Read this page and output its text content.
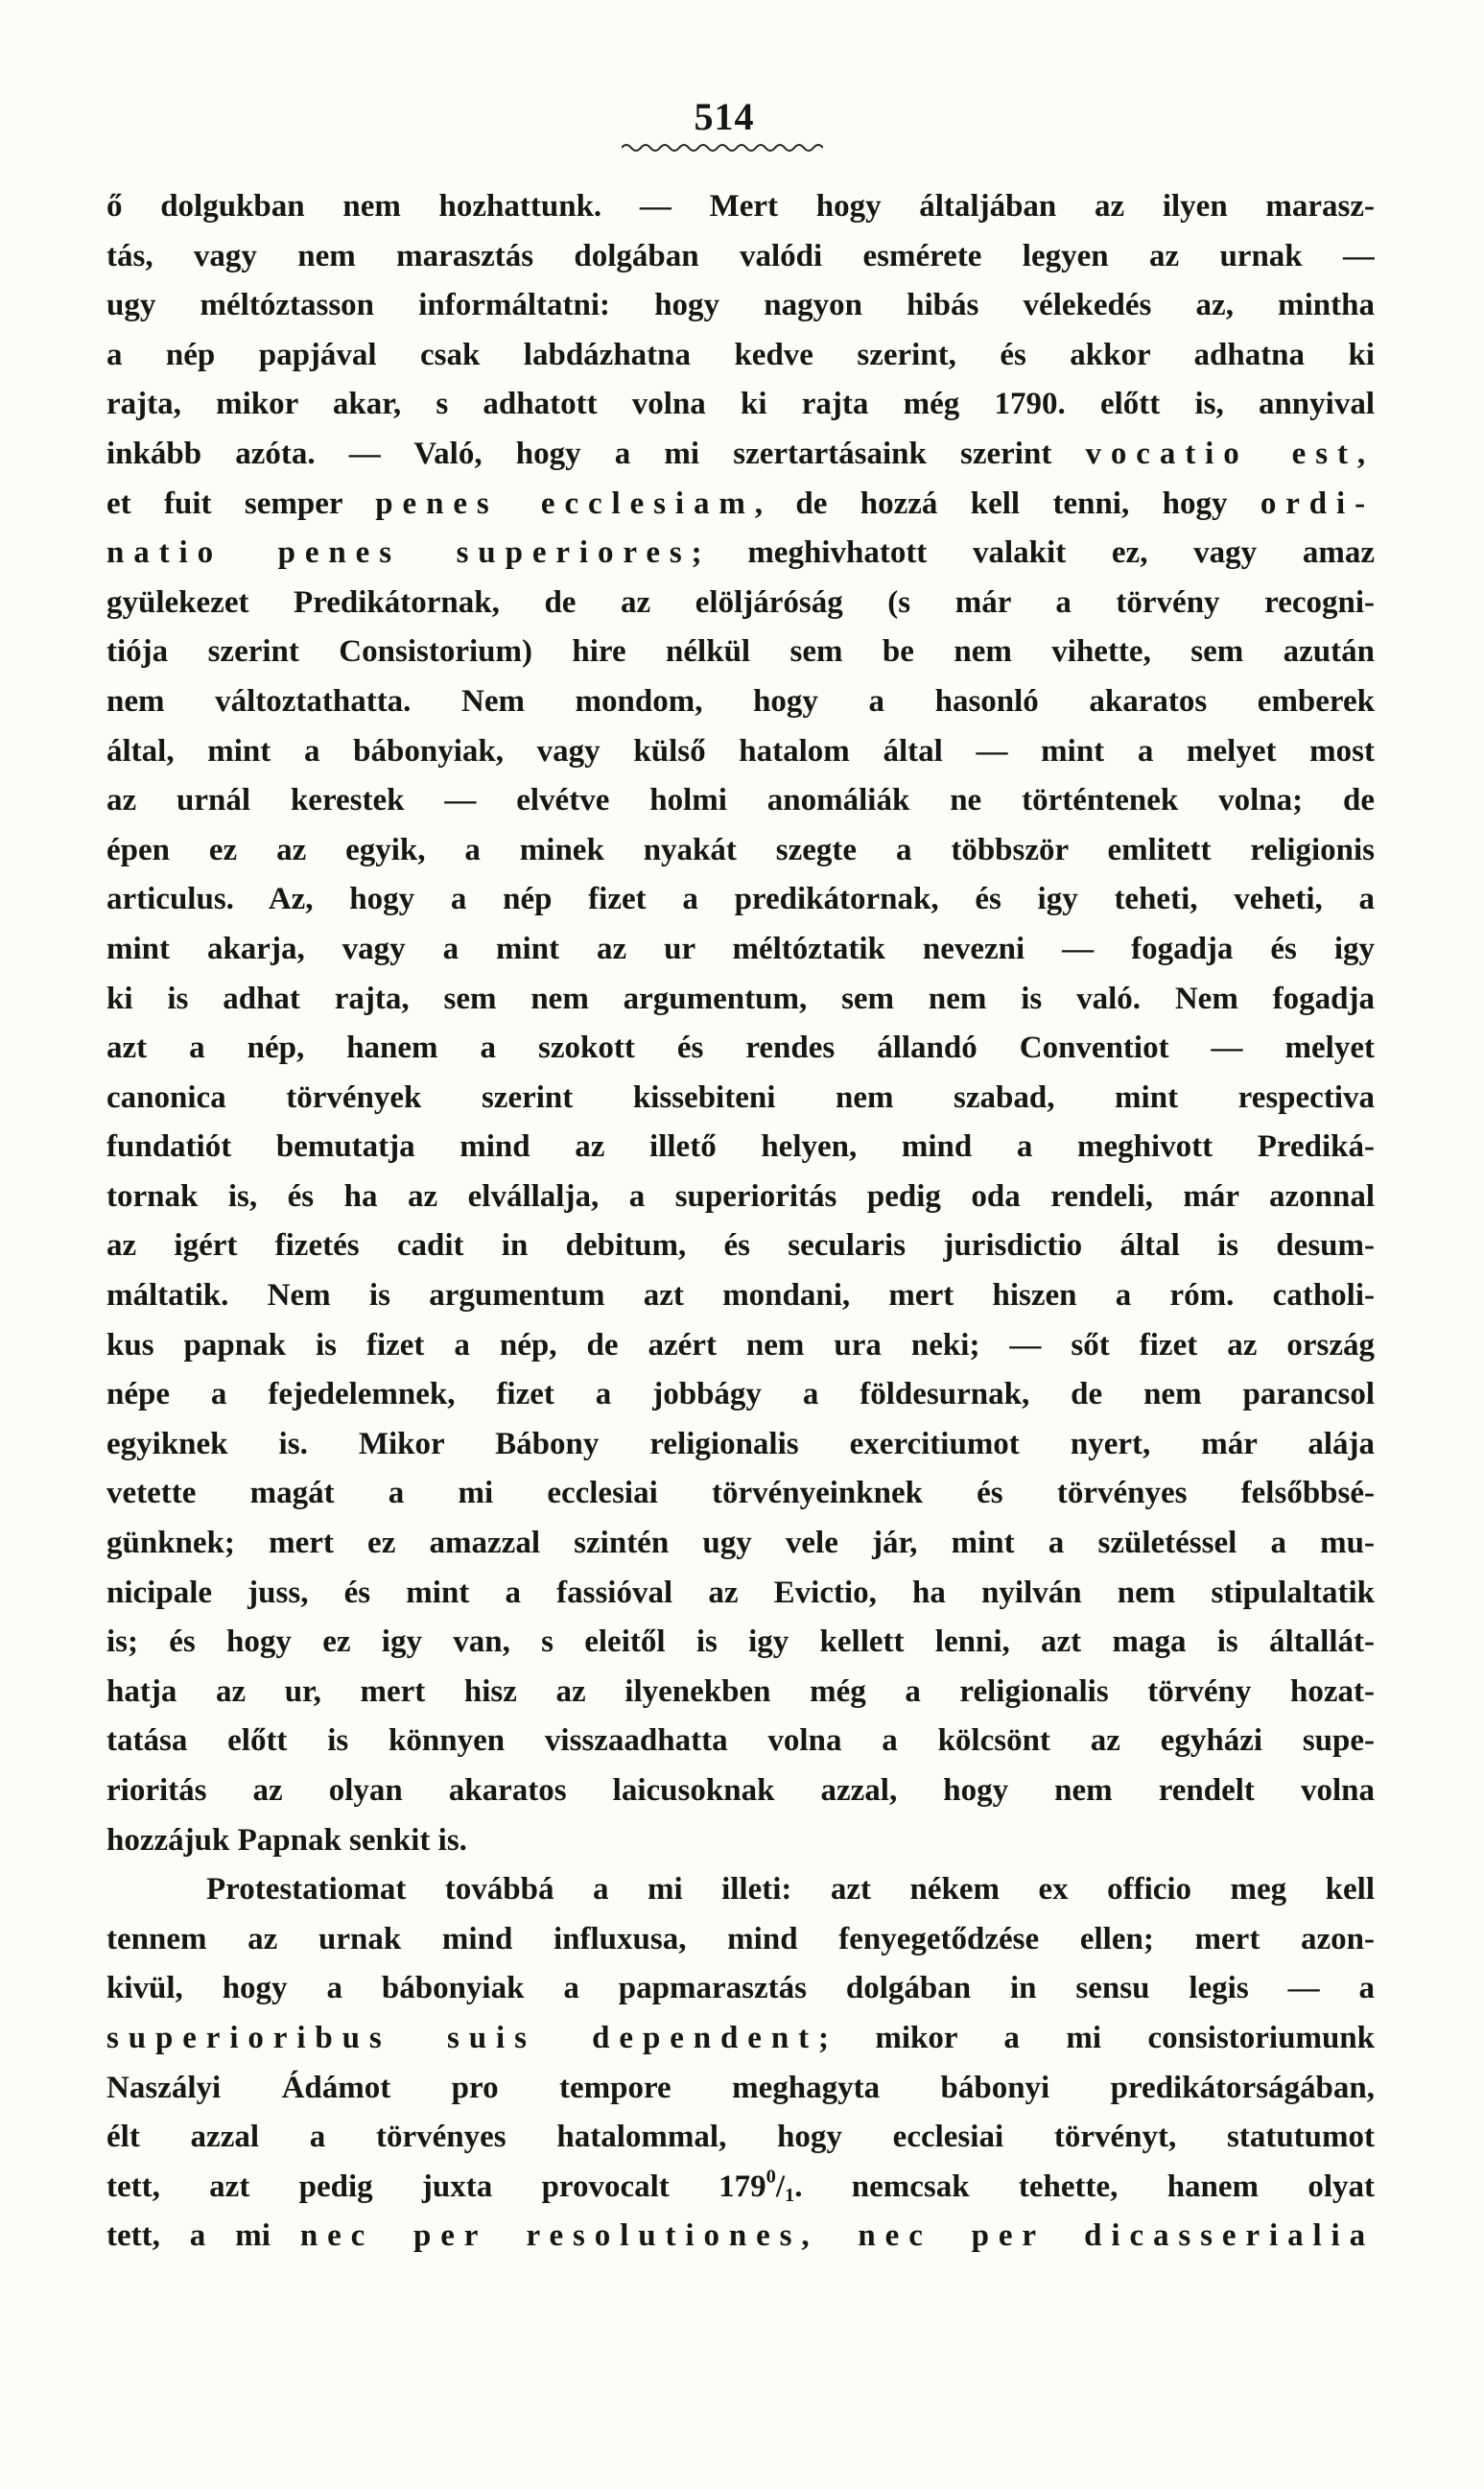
514
ő dolgukban nem hozhattunk. — Mert hogy általjában az ilyen marasz-
tás, vagy nem marasztás dolgában valódi esmérete legyen az urnak —
ugy méltóztasson informáltatni: hogy nagyon hibás vélekedés az, mintha
a nép papjával csak labdázhatna kedve szerint, és akkor adhatna ki
rajta, mikor akar, s adhatott volna ki rajta még 1790. előtt is, annyival
inkább azóta. — Való, hogy a mi szertartásaink szerint vocatio est,
et fuit semper penes ecclesiam, de hozzá kell tenni, hogy ordi-
natio penes superiores; meghivhatott valakit ez, vagy amaz
gyülekezet Predikátornak, de az elöljáróság (s már a törvény recogni-
tiója szerint Consistorium) hire nélkül sem be nem vihette, sem azután
nem változtathatta. Nem mondom, hogy a hasonló akaratos emberek
által, mint a bábonyiak, vagy külső hatalom által — mint a melyet most
az urnál kerestek — elvétve holmi anomáliák ne történtenek volna; de
épen ez az egyik, a minek nyakát szegte a többször emlitett religionis
articulus. Az, hogy a nép fizet a predikátornak, és igy teheti, veheti, a
mint akarja, vagy a mint az ur méltóztatik nevezni — fogadja és igy
ki is adhat rajta, sem nem argumentum, sem nem is való. Nem fogadja
azt a nép, hanem a szokott és rendes állandó Conventiot — melyet
canonica törvények szerint kissebiteni nem szabad, mint respectiva
fundatiót bemutatja mind az illető helyen, mind a meghivott Prediká-
tornak is, és ha az elvállalja, a superioritás pedig oda rendeli, már azonnal
az igért fizetés cadit in debitum, és secularis jurisdictio által is desum-
máltatik. Nem is argumentum azt mondani, mert hiszen a róm. catholi-
kus papnak is fizet a nép, de azért nem ura neki; — sőt fizet az ország
népe a fejedelemnek, fizet a jobbágy a földesurnak, de nem parancsol
egyiknek is. Mikor Bábony religionalis exercitiumot nyert, már alája
vetette magát a mi ecclesiai törvényeinknek és törvényes felsőbbsé-
günknek; mert ez amazzal szintén ugy vele jár, mint a születéssel a mu-
nicipale juss, és mint a fassióval az Evictio, ha nyilván nem stipulaltatik
is; és hogy ez igy van, s eleitől is igy kellett lenni, azt maga is általlát-
hatja az ur, mert hisz az ilyenekben még a religionalis törvény hozat-
tatása előtt is könnyen visszaadhatta volna a kölcsönt az egyházi supe-
rioritás az olyan akaratos laicusoknak azzal, hogy nem rendelt volna
hozzájuk Papnak senkit is.
Protestatiomat továbbá a mi illeti: azt nékem ex officio meg kell
tennem az urnak mind influxusa, mind fenyegetődzése ellen; mert azon-
kivül, hogy a bábonyiak a papmarasztás dolgában in sensu legis — a
superioribus suis dependent; mikor a mi consistoriumunk
Naszályi Ádámot pro tempore meghagyta bábonyi predikátorságában,
élt azzal a törvényes hatalommal, hogy ecclesiai törvényt, statutumot
tett, azt pedig juxta provocalt $179^0/_1$. nemcsak tehette, hanem olyat
tett, a mi nec per resolutiones, nec per dicasserialia
